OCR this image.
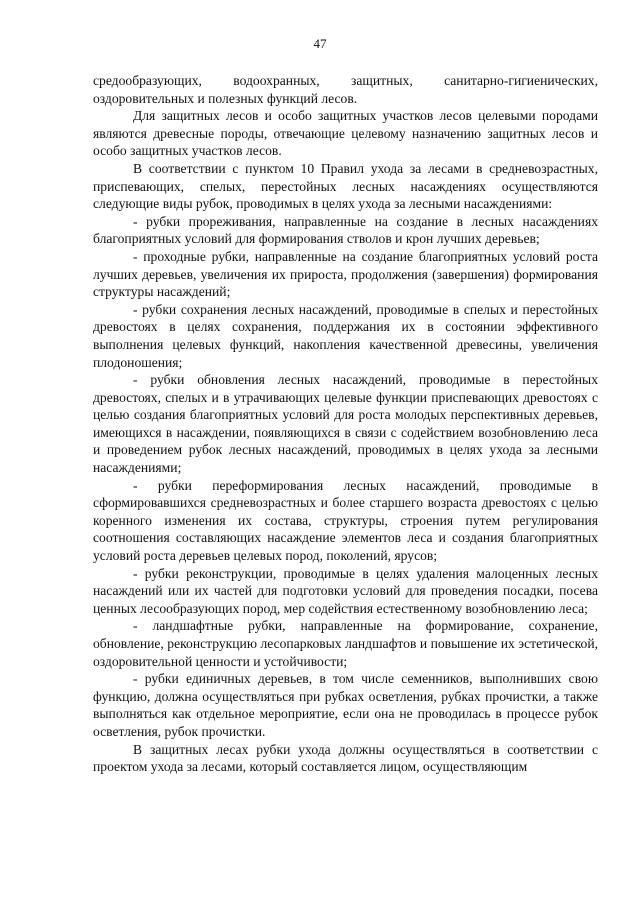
47

средообразующих, водоохранных, защитных, санитарно-гигиенических, оздоровительных и полезных функций лесов.

Для защитных лесов и особо защитных участков лесов целевыми породами являются древесные породы, отвечающие целевому назначению защитных лесов и особо защитных участков лесов.

В соответствии с пунктом 10 Правил ухода за лесами в средневозрастных, приспевающих, спелых, перестойных лесных насаждениях осуществляются следующие виды рубок, проводимых в целях ухода за лесными насаждениями:

- рубки прореживания, направленные на создание в лесных насаждениях благоприятных условий для формирования стволов и крон лучших деревьев;

- проходные рубки, направленные на создание благоприятных условий роста лучших деревьев, увеличения их прироста, продолжения (завершения) формирования структуры насаждений;

- рубки сохранения лесных насаждений, проводимые в спелых и перестойных древостоях в целях сохранения, поддержания их в состоянии эффективного выполнения целевых функций, накопления качественной древесины, увеличения плодоношения;

- рубки обновления лесных насаждений, проводимые в перестойных древостоях, спелых и в утрачивающих целевые функции приспевающих древостоях с целью создания благоприятных условий для роста молодых перспективных деревьев, имеющихся в насаждении, появляющихся в связи с содействием возобновлению леса и проведением рубок лесных насаждений, проводимых в целях ухода за лесными насаждениями;

- рубки переформирования лесных насаждений, проводимые в сформировавшихся средневозрастных и более старшего возраста древостоях с целью коренного изменения их состава, структуры, строения путем регулирования соотношения составляющих насаждение элементов леса и создания благоприятных условий роста деревьев целевых пород, поколений, ярусов;

- рубки реконструкции, проводимые в целях удаления малоценных лесных насаждений или их частей для подготовки условий для проведения посадки, посева ценных лесообразующих пород, мер содействия естественному возобновлению леса;

- ландшафтные рубки, направленные на формирование, сохранение, обновление, реконструкцию лесопарковых ландшафтов и повышение их эстетической, оздоровительной ценности и устойчивости;

- рубки единичных деревьев, в том числе семенников, выполнивших свою функцию, должна осуществляться при рубках осветления, рубках прочистки, а также выполняться как отдельное мероприятие, если она не проводилась в процессе рубок осветления, рубок прочистки.

В защитных лесах рубки ухода должны осуществляться в соответствии с проектом ухода за лесами, который составляется лицом, осуществляющим
